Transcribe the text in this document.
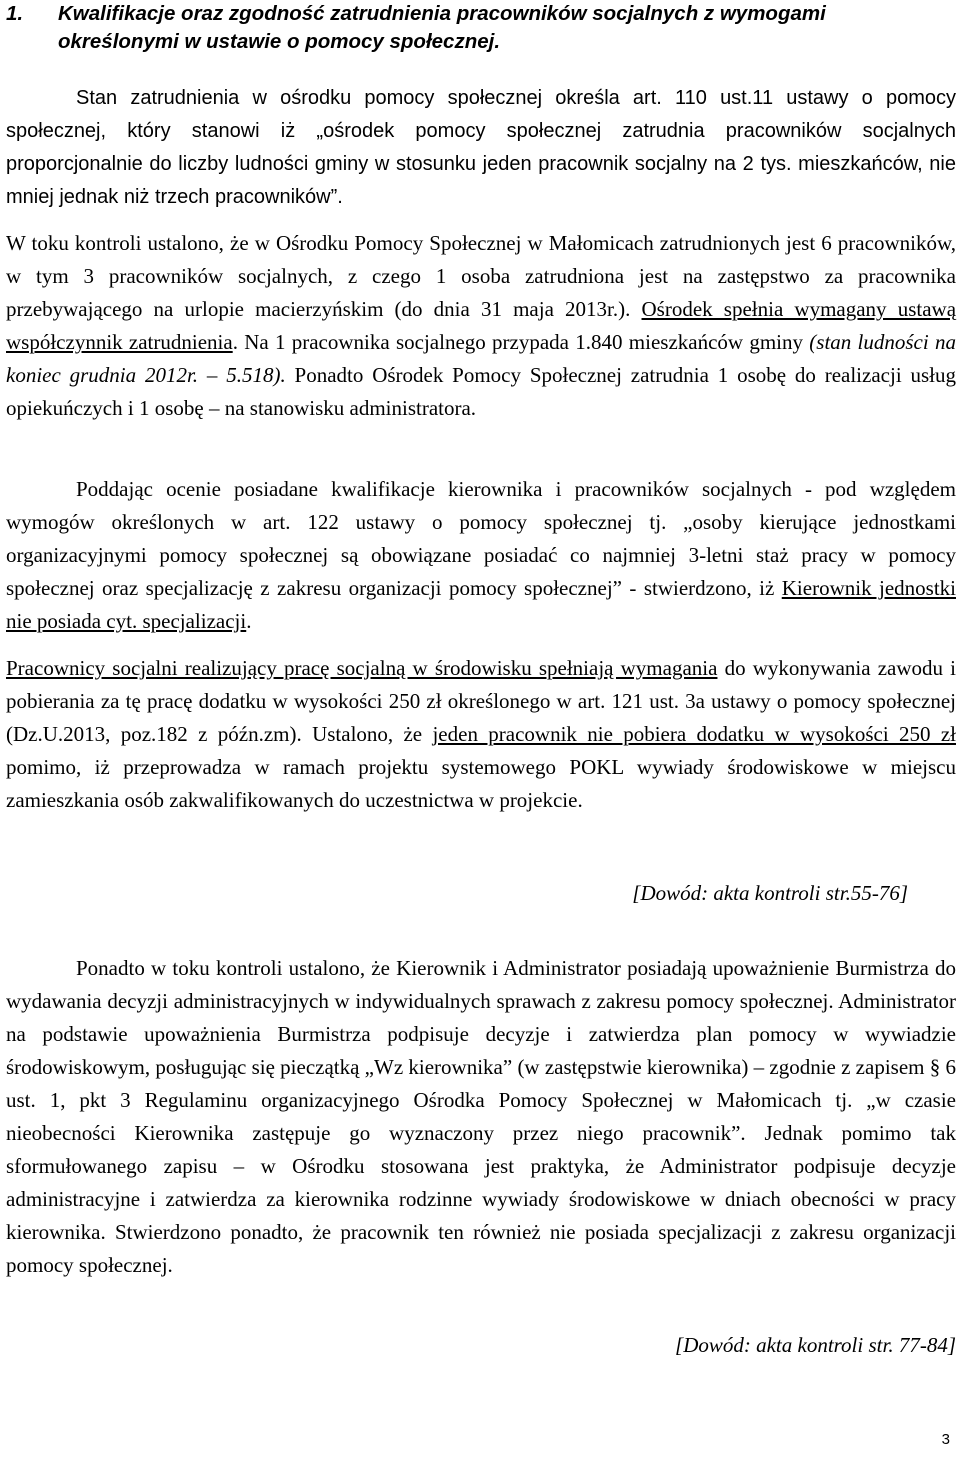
1. Kwalifikacje oraz zgodność zatrudnienia pracowników socjalnych z wymogami
określonymi w ustawie o pomocy społecznej.
Stan zatrudnienia w ośrodku pomocy społecznej określa art. 110 ust.11 ustawy o pomocy społecznej, który stanowi iż „ośrodek pomocy społecznej zatrudnia pracowników socjalnych proporcjonalnie do liczby ludności gminy w stosunku jeden pracownik socjalny na 2 tys. mieszkańców, nie mniej jednak niż trzech pracowników”.
W toku kontroli ustalono, że w Ośrodku Pomocy Społecznej w Małomicach zatrudnionych jest 6 pracowników, w tym 3 pracowników socjalnych, z czego 1 osoba zatrudniona jest na zastępstwo za pracownika przebywającego na urlopie macierzyńskim (do dnia 31 maja 2013r.). Ośrodek spełnia wymagany ustawą współczynnik zatrudnienia. Na 1 pracownika socjalnego przypada 1.840 mieszkańców gminy (stan ludności na koniec grudnia 2012r. – 5.518). Ponadto Ośrodek Pomocy Społecznej zatrudnia 1 osobę do realizacji usług opiekuńczych i 1 osobę – na stanowisku administratora.
Poddając ocenie posiadane kwalifikacje kierownika i pracowników socjalnych - pod względem wymogów określonych w art. 122 ustawy o pomocy społecznej tj. „osoby kierujące jednostkami organizacyjnymi pomocy społecznej są obowiązane posiadać co najmniej 3-letni staż pracy w pomocy społecznej oraz specjalizację z zakresu organizacji pomocy społecznej” - stwierdzono, iż Kierownik jednostki nie posiada cyt. specjalizacji.
Pracownicy socjalni realizujący pracę socjalną w środowisku spełniają wymagania do wykonywania zawodu i pobierania za tę pracę dodatku w wysokości 250 zł określonego w art. 121 ust. 3a ustawy o pomocy społecznej (Dz.U.2013, poz.182 z późn.zm). Ustalono, że jeden pracownik nie pobiera dodatku w wysokości 250 zł pomimo, iż przeprowadza w ramach projektu systemowego POKL wywiady środowiskowe w miejscu zamieszkania osób zakwalifikowanych do uczestnictwa w projekcie.
[Dowód: akta kontroli str.55-76]
Ponadto w toku kontroli ustalono, że Kierownik i Administrator posiadają upoważnienie Burmistrza do wydawania decyzji administracyjnych w indywidualnych sprawach z zakresu pomocy społecznej. Administrator na podstawie upoważnienia Burmistrza podpisuje decyzje i zatwierdza plan pomocy w wywiadzie środowiskowym, posługując się pieczątką „Wz kierownika” (w zastępstwie kierownika) – zgodnie z zapisem § 6 ust. 1, pkt 3 Regulaminu organizacyjnego Ośrodka Pomocy Społecznej w Małomicach tj. „w czasie nieobecności Kierownika zastępuje go wyznaczony przez niego pracownik”. Jednak pomimo tak sformułowanego zapisu – w Ośrodku stosowana jest praktyka, że Administrator podpisuje decyzje administracyjne i zatwierdza za kierownika rodzinne wywiady środowiskowe w dniach obecności w pracy kierownika. Stwierdzono ponadto, że pracownik ten również nie posiada specjalizacji z zakresu organizacji pomocy społecznej.
[Dowód: akta kontroli str. 77-84]
3
